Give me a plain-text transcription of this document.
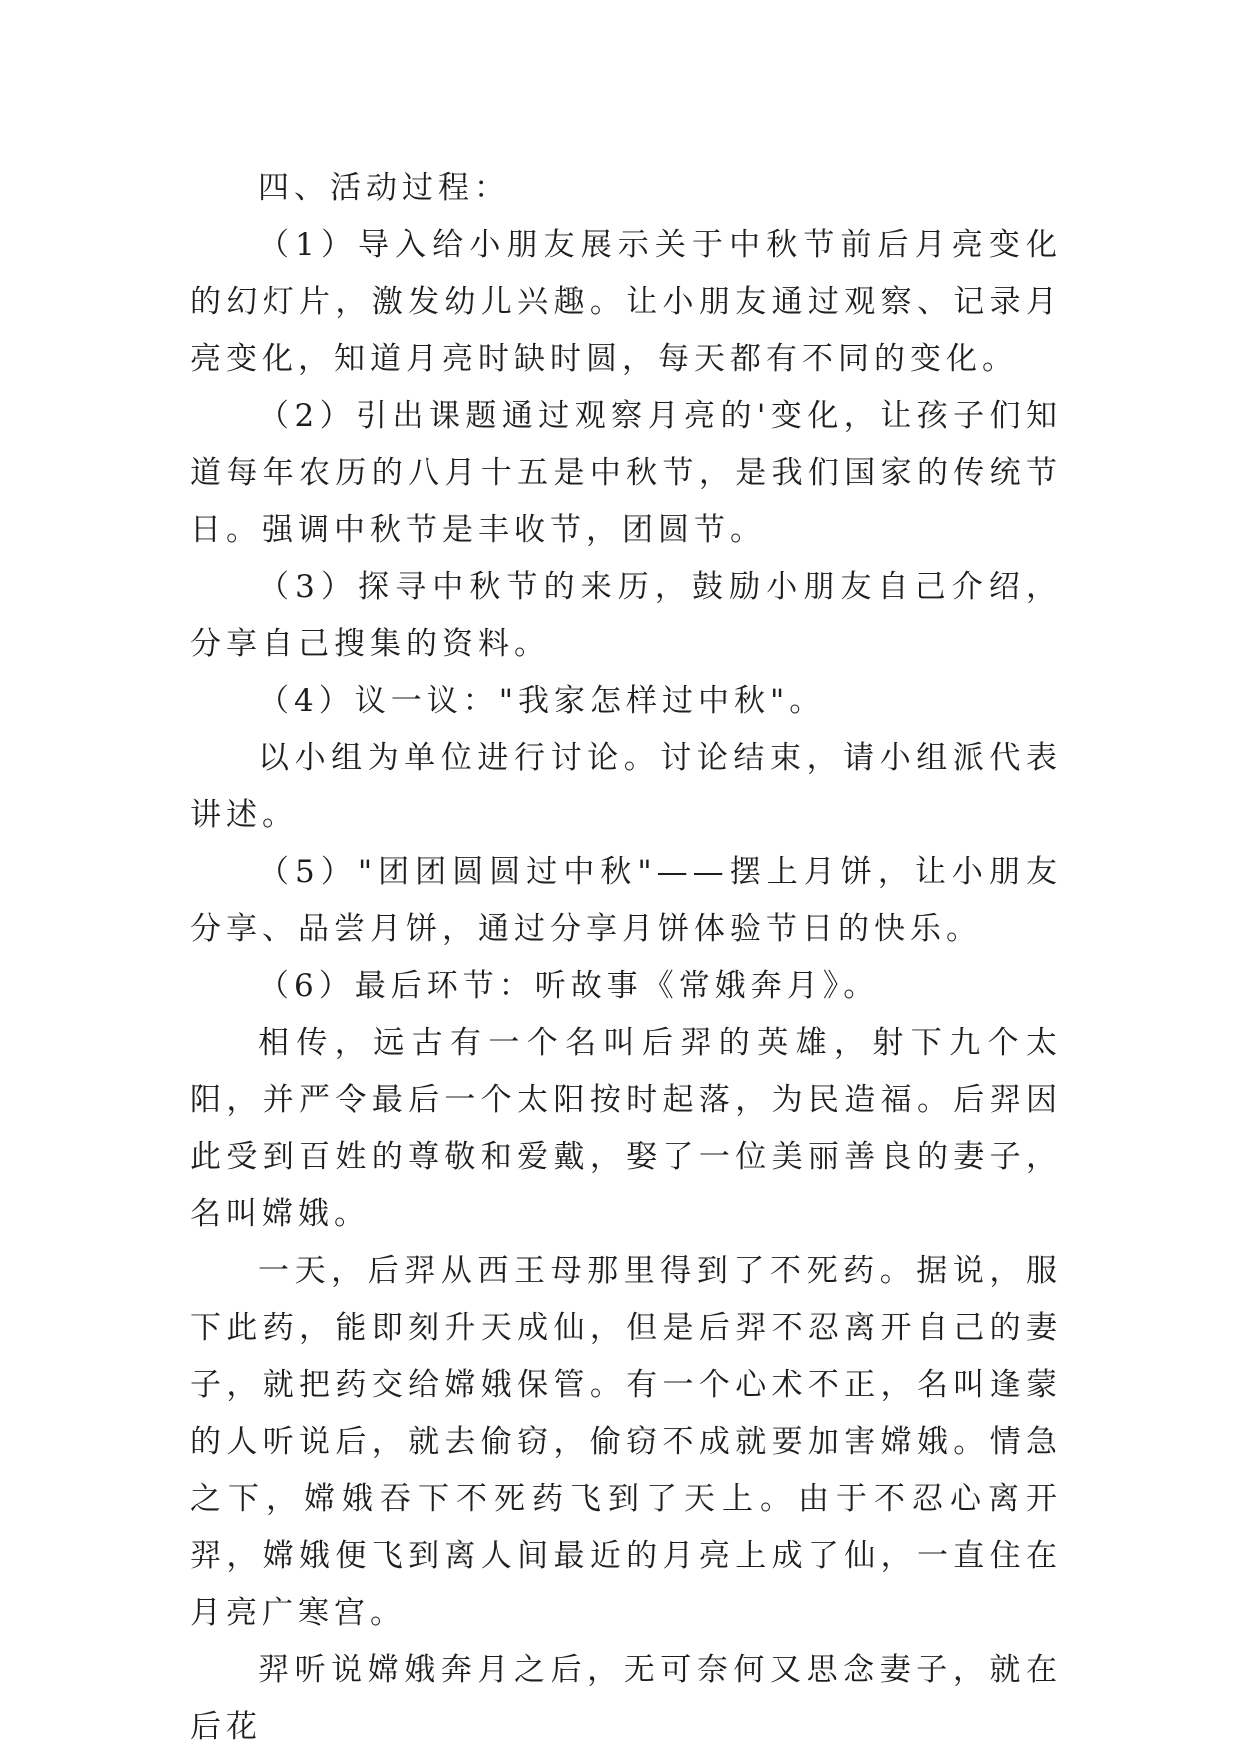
四、活动过程：

（1）导入给小朋友展示关于中秋节前后月亮变化的幻灯片，激发幼儿兴趣。让小朋友通过观察、记录月亮变化，知道月亮时缺时圆，每天都有不同的变化。

（2）引出课题通过观察月亮的'变化，让孩子们知道每年农历的八月十五是中秋节，是我们国家的传统节日。强调中秋节是丰收节，团圆节。

（3）探寻中秋节的来历，鼓励小朋友自己介绍，分享自己搜集的资料。

（4）议一议："我家怎样过中秋"。

以小组为单位进行讨论。讨论结束，请小组派代表讲述。

（5）"团团圆圆过中秋"——摆上月饼，让小朋友分享、品尝月饼，通过分享月饼体验节日的快乐。

（6）最后环节：听故事《常娥奔月》。

相传，远古有一个名叫后羿的英雄，射下九个太阳，并严令最后一个太阳按时起落，为民造福。后羿因此受到百姓的尊敬和爱戴，娶了一位美丽善良的妻子，名叫嫦娥。

一天，后羿从西王母那里得到了不死药。据说，服下此药，能即刻升天成仙，但是后羿不忍离开自己的妻子，就把药交给嫦娥保管。有一个心术不正，名叫逢蒙的人听说后，就去偷窃，偷窃不成就要加害嫦娥。情急之下，嫦娥吞下不死药飞到了天上。由于不忍心离开羿，嫦娥便飞到离人间最近的月亮上成了仙，一直住在月亮广寒宫。

羿听说嫦娥奔月之后，无可奈何又思念妻子，就在后花
